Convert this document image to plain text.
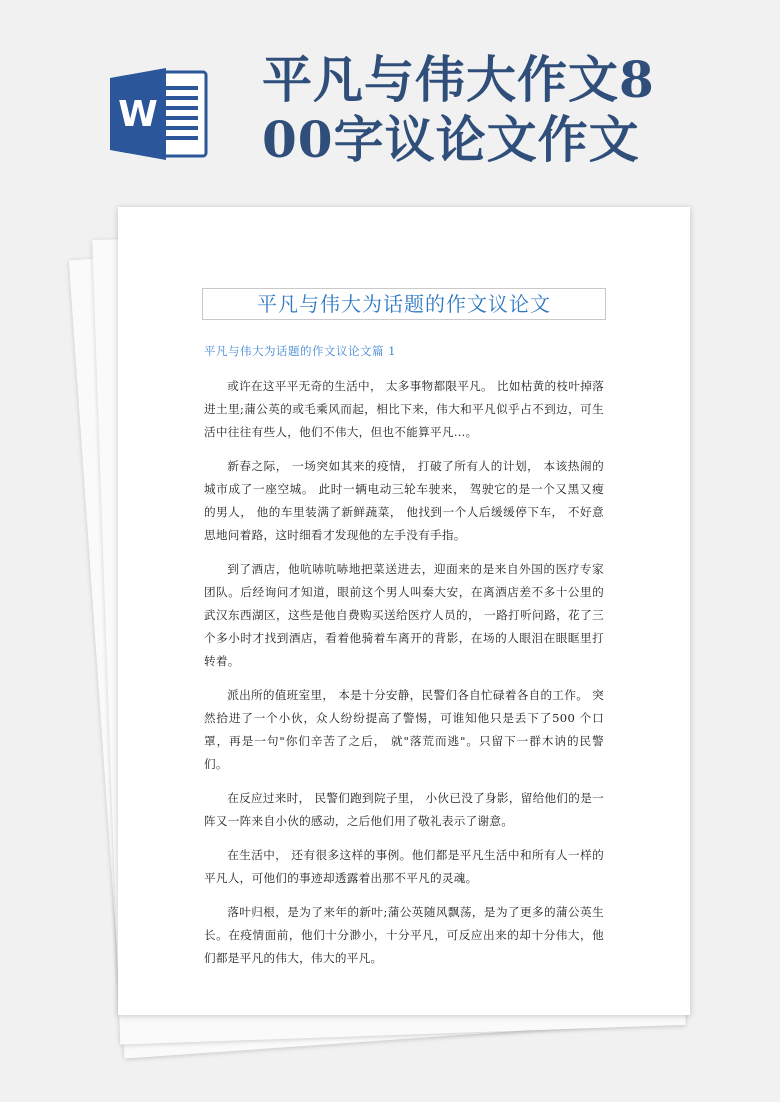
W
平凡与伟大作文800字议论文作文
平凡与伟大为话题的作文议论文
平凡与伟大为话题的作文议论文篇 1

或许在这平平无奇的生活中， 太多事物都限平凡。 比如枯黄的枝叶掉落进土里;蒲公英的或毛乘风而起，相比下来，伟大和平凡似乎占不到边，可生活中往往有些人，他们不伟大，但也不能算平凡…。

新春之际， 一场突如其来的疫情， 打破了所有人的计划， 本该热闹的城市成了一座空城。 此时一辆电动三轮车驶来， 驾驶它的是一个又黑又瘦的男人， 他的车里装满了新鲜蔬菜， 他找到一个人后缓缓停下车， 不好意思地问着路，这时细看才发现他的左手没有手指。

到了酒店，他吭哧吭哧地把菜送进去，迎面来的是来自外国的医疗专家团队。后经询问才知道，眼前这个男人叫秦大安，在离酒店差不多十公里的武汉东西湖区，这些是他自费购买送给医疗人员的， 一路打听问路，花了三个多小时才找到酒店，看着他骑着车离开的背影，在场的人眼泪在眼眶里打转着。

派出所的值班室里， 本是十分安静，民警们各自忙碌着各自的工作。 突然拾进了一个小伙，众人纷纷提高了警惕，可谁知他只是丢下了500 个口罩，再是一句"你们辛苦了之后， 就"落荒而逃"。只留下一群木讷的民警们。

在反应过来时， 民警们跑到院子里， 小伙已没了身影，留给他们的是一阵又一阵来自小伙的感动，之后他们用了敬礼表示了谢意。

在生活中， 还有很多这样的事例。他们都是平凡生活中和所有人一样的平凡人，可他们的事迹却透露着出那不平凡的灵魂。

落叶归根，是为了来年的新叶;蒲公英随风飘荡，是为了更多的蒲公英生长。在疫情面前，他们十分渺小，十分平凡，可反应出来的却十分伟大，他们都是平凡的伟大，伟大的平凡。
